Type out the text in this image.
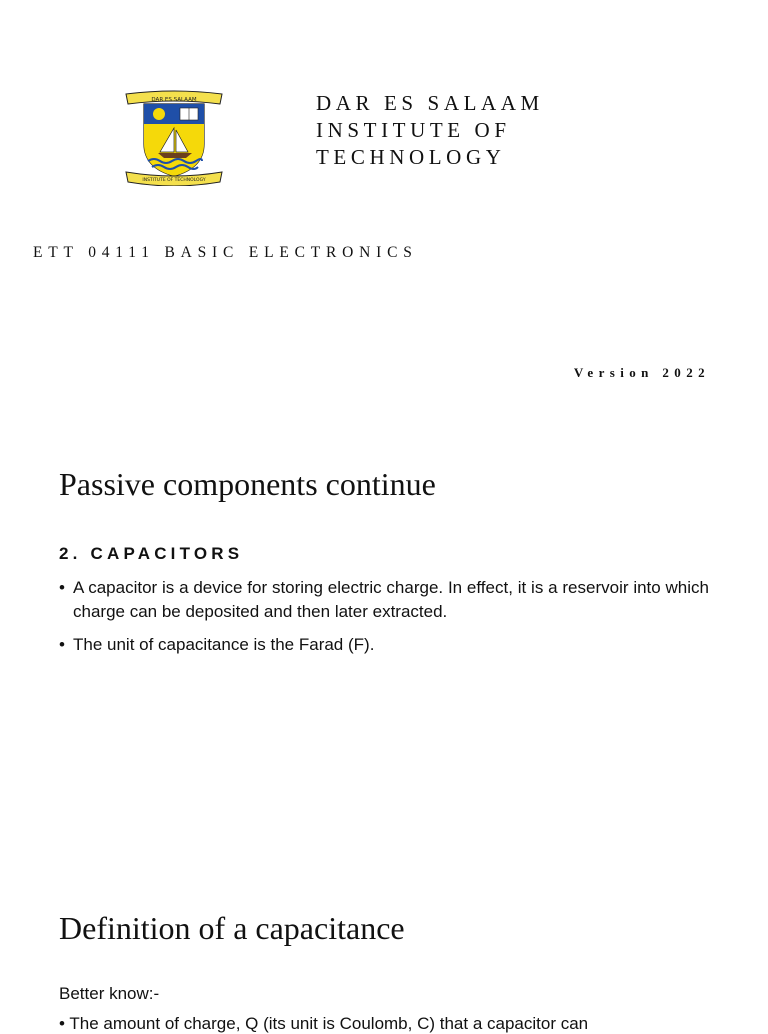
DAR ES SALAAM
INSTITUTE OF TECHNOLOGY
DAR ES SALAAM
INSTITUTE OF
TECHNOLOGY
ETT 04111 BASIC ELECTRONICS
Version 2022
Passive components continue
2. CAPACITORS
• A capacitor is a device for storing electric charge. In effect, it is a reservoir into which charge can be deposited and then later extracted.
• The unit of capacitance is the Farad (F).
Definition of a capacitance
Better know:-
• The amount of charge, Q (its unit is Coulomb, C) that a capacitor can
